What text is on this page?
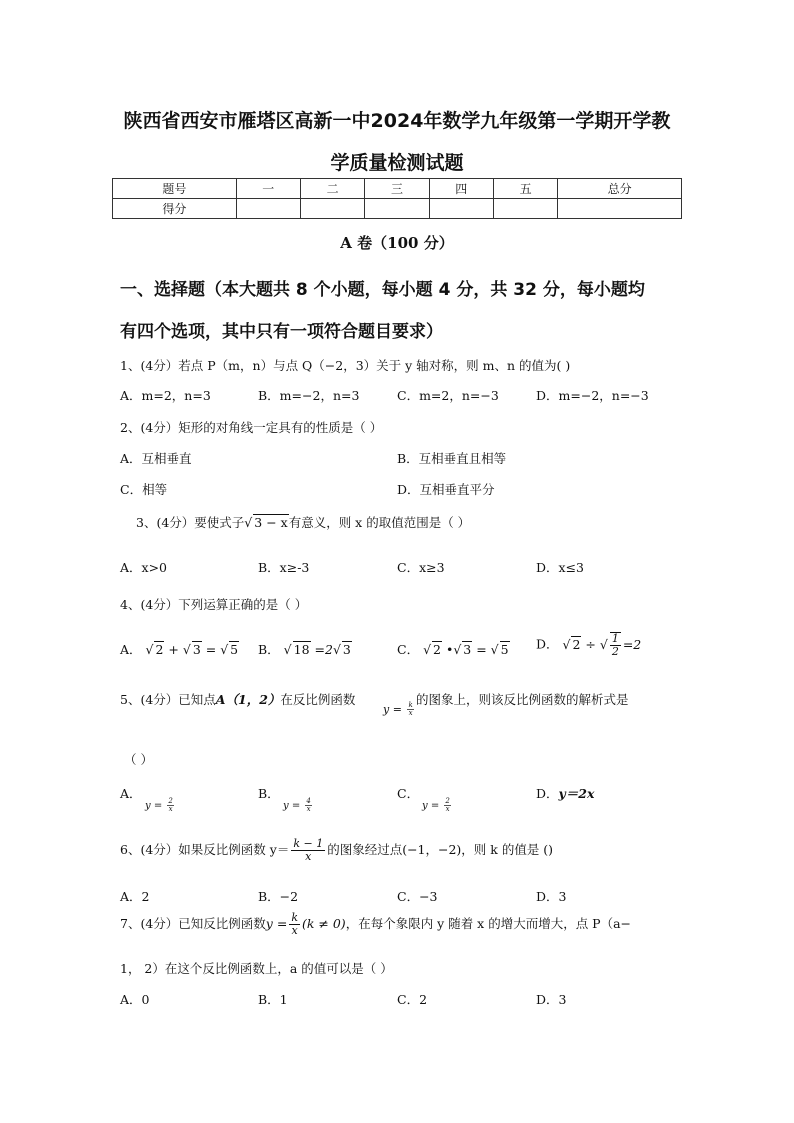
陕西省西安市雁塔区高新一中2024年数学九年级第一学期开学教
学质量检测试题
题号	一	二	三	四	五	总分
得分						
A 卷（100 分）
一、选择题（本大题共 8 个小题，每小题 4 分，共 32 分，每小题均
有四个选项，其中只有一项符合题目要求）
1、(4分）若点 P（m，n）与点 Q（−2，3）关于 y 轴对称，则 m、n 的值为( )
A．m=2，n=3	B．m=−2，n=3	C．m=2，n=−3	D．m=−2，n=−3
2、(4分）矩形的对角线一定具有的性质是（ ）
A．互相垂直	B．互相垂直且相等
C．相等	D．互相垂直平分
3、(4分）要使式子√ 3 − x有意义，则 x 的取值范围是（ ）
A．x>0	B．x≥-3	C．x≥3	D．x≤3
4、(4分）下列运算正确的是（ ）
A． √ 2 + √ 3 = √ 5 B． √ 18 =2√ 3	C． √ 2 •√ 3 = √ 5 D． √ 2 ÷ √ $\frac{1}{2} =2$
5、(4分）已知点A（1，2）在反比例函数	的图象上，则该反比例函数的解析式是
$y = \frac{k}{x}$
（ ）
A．
$y = \frac{2}{x}$
B．
$y = \frac{4}{x}$
C．
$y = \frac{2}{x}$
D．y＝2x
6、(4分）如果反比例函数 $y= \frac{k - 1}{x}$ 的图象经过点(−1，−2)，则 k 的值是 ()
A．2	B．−2	C．−3	D．3
7、(4分）已知反比例函数$y = \frac{k}{x} (k \ne 0)$，在每个象限内 y 随着 x 的增大而增大，点 P（a−
1， 2）在这个反比例函数上，a 的值可以是（ ）
A．0	B．1	C．2	D．3
